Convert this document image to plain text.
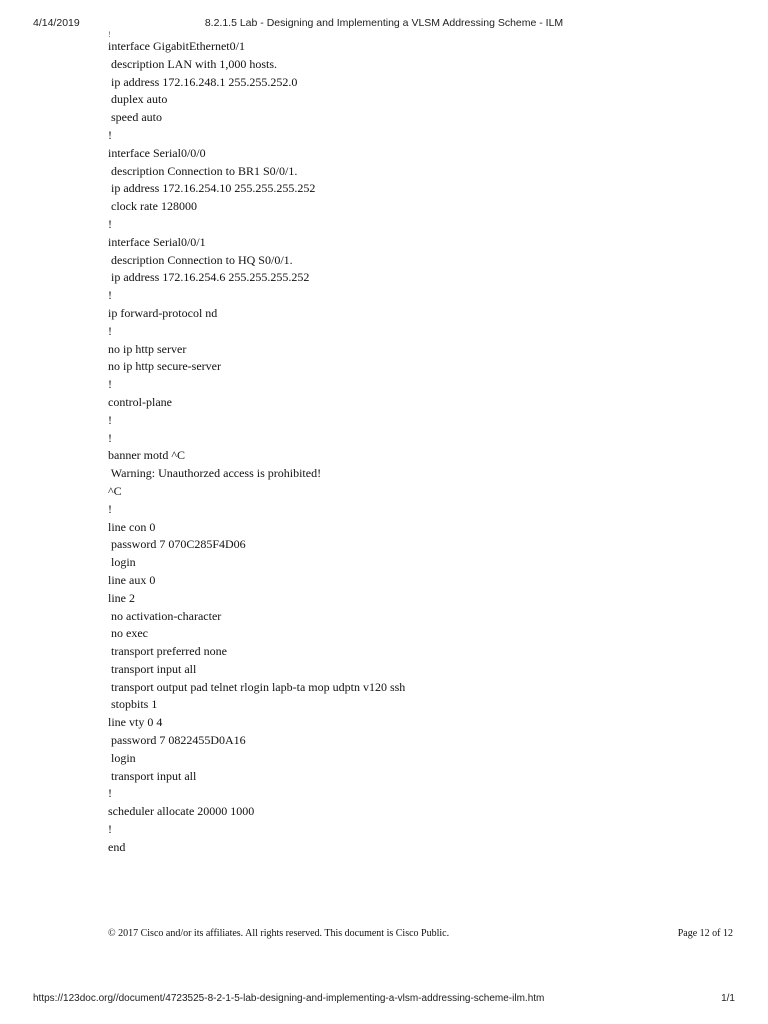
4/14/2019	8.2.1.5 Lab - Designing and Implementing a VLSM Addressing Scheme - ILM
!
interface GigabitEthernet0/1
description LAN with 1,000 hosts.
ip address 172.16.248.1 255.255.252.0
duplex auto
speed auto
!
interface Serial0/0/0
description Connection to BR1 S0/0/1.
ip address 172.16.254.10 255.255.255.252
clock rate 128000
!
interface Serial0/0/1
description Connection to HQ S0/0/1.
ip address 172.16.254.6 255.255.255.252
!
ip forward-protocol nd
!
no ip http server
no ip http secure-server
!
control-plane
!
!
banner motd ^C
Warning: Unauthorzed access is prohibited!
^C
!
line con 0
password 7 070C285F4D06
login
line aux 0
line 2
no activation-character
no exec
transport preferred none
transport input all
transport output pad telnet rlogin lapb-ta mop udptn v120 ssh
stopbits 1
line vty 0 4
password 7 0822455D0A16
login
transport input all
!
scheduler allocate 20000 1000
!
end
© 2017 Cisco and/or its affiliates. All rights reserved. This document is Cisco Public.	Page 12 of 12
https://123doc.org//document/4723525-8-2-1-5-lab-designing-and-implementing-a-vlsm-addressing-scheme-ilm.htm	1/1
